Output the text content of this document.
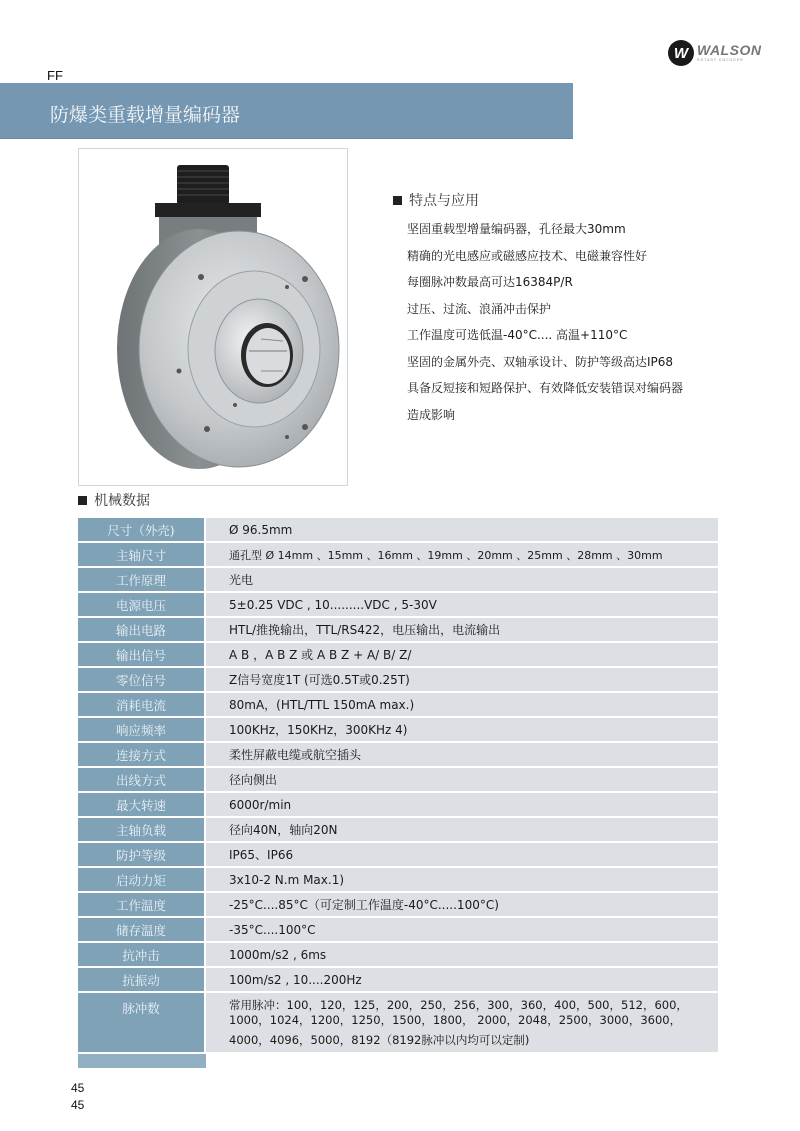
W WALSON
ROTARY ENCODER
FF
防爆类重载增量编码器
特点与应用
坚固重载型增量编码器，孔径最大30mm
精确的光电感应或磁感应技术、电磁兼容性好
每圈脉冲数最高可达16384P/R
过压、过流、浪涌冲击保护
工作温度可选低温-40°C.... 高温+110°C
坚固的金属外壳、双轴承设计、防护等级高达IP68
具备反短接和短路保护、有效降低安装错误对编码器
造成影响
机械数据
尺寸（外壳)	Ø 96.5mm
主轴尺寸	通孔型 Ø 14mm 、15mm 、16mm 、19mm 、20mm 、25mm 、28mm 、30mm
工作原理	光电
电源电压	5±0.25 VDC , 10.........VDC , 5-30V
输出电路	HTL/推挽输出，TTL/RS422，电压输出，电流输出
输出信号	A B ，A B Z 或 A B Z + A/ B/ Z/
零位信号	Z信号宽度1T (可选0.5T或0.25T)
消耗电流	80mA，(HTL/TTL 150mA max.)
响应频率	100KHz，150KHz，300KHz 4)
连接方式	柔性屏蔽电缆或航空插头
出线方式	径向侧出
最大转速	6000r/min
主轴负载	径向40N，轴向20N
防护等级	IP65、IP66
启动力矩	3x10-2 N.m Max.1)
工作温度	-25°C....85°C（可定制工作温度-40°C.....100°C)
储存温度	-35°C....100°C
抗冲击	1000m/s2 , 6ms
抗振动	100m/s2 , 10....200Hz
脉冲数	常用脉冲：100，120，125，200，250，256，300，360，400，500，512，600，
1000，1024，1200，1250，1500，1800， 2000，2048，2500，3000，3600，
4000，4096，5000，8192（8192脉冲以内均可以定制)
45
45
